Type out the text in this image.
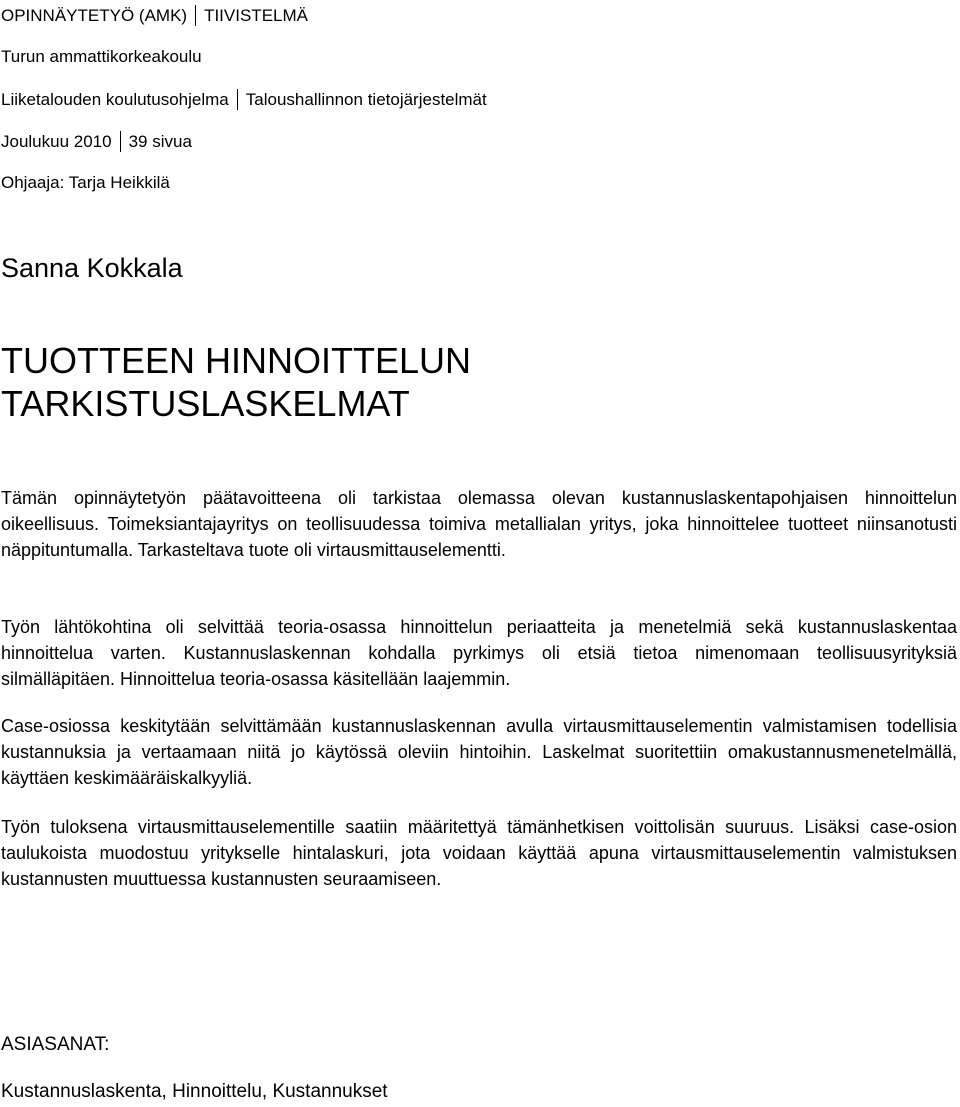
OPINNÄYTETYÖ (AMK) TIIVISTELMÄ
Turun ammattikorkeakoulu
Liiketalouden koulutusohjelma Taloushallinnon tietojärjestelmät
Joulukuu 2010 39 sivua
Ohjaaja: Tarja Heikkilä
Sanna Kokkala
TUOTTEEN HINNOITTELUN
TARKISTUSLASKELMAT

Tämän opinnäytetyön päätavoitteena oli tarkistaa olemassa olevan kustannuslaskentapohjaisen hinnoittelun oikeellisuus. Toimeksiantajayritys on teollisuudessa toimiva metallialan yritys, joka hinnoittelee tuotteet niinsanotusti näppituntumalla. Tarkasteltava tuote oli virtausmittauselementti.

Työn lähtökohtina oli selvittää teoria-osassa hinnoittelun periaatteita ja menetelmiä sekä kustannuslaskentaa hinnoittelua varten. Kustannuslaskennan kohdalla pyrkimys oli etsiä tietoa nimenomaan teollisuusyrityksiä silmälläpitäen. Hinnoittelua teoria-osassa käsitellään laajemmin.

Case-osiossa keskitytään selvittämään kustannuslaskennan avulla virtausmittauselementin valmistamisen todellisia kustannuksia ja vertaamaan niitä jo käytössä oleviin hintoihin. Laskelmat suoritettiin omakustannusmenetelmällä, käyttäen keskimääräiskalkyyliä.

Työn tuloksena virtausmittauselementille saatiin määritettyä tämänhetkisen voittolisän suuruus. Lisäksi case-osion taulukoista muodostuu yritykselle hintalaskuri, jota voidaan käyttää apuna virtausmittauselementin valmistuksen kustannusten muuttuessa kustannusten seuraamiseen.

ASIASANAT:
Kustannuslaskenta, Hinnoittelu, Kustannukset
